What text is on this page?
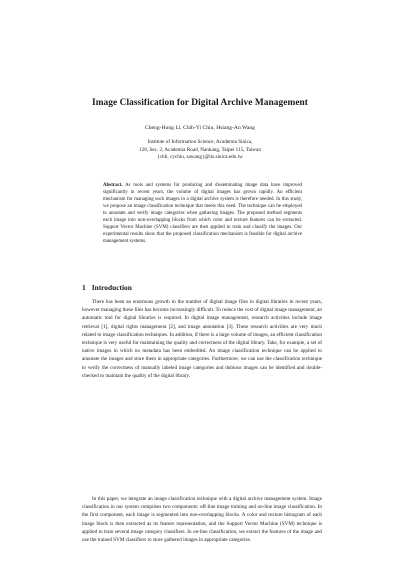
Image Classification for Digital Archive Management
Cheng-Hung Li, Chih-Yi Chiu, Hsiang-An Wang
Institute of Information Science, Academia Sinica,
128, Sec. 2, Academia Road, Nankang, Taipei 115, Taiwan
{chli, cychiu, sawang}@iis.sinica.edu.tw
Abstract. As tools and systems for producing and disseminating image data have improved significantly in recent years, the volume of digital images has grown rapidly. An efficient mechanism for managing such images in a digital archive system is therefore needed. In this study, we propose an image classification technique that meets this need. The technique can be employed to annotate and verify image categories when gathering images. The proposed method segments each image into non-overlapping blocks from which color and texture features can be extracted. Support Vector Machine (SVM) classifiers are then applied to train and classify the images. Our experimental results show that the proposed classification mechanism is feasible for digital archive management systems.
1 Introduction

There has been an enormous growth in the number of digital image files in digital libraries in recent years, however managing these files has become increasingly difficult. To reduce the cost of digital image management, an automatic tool for digital libraries is required. In digital image management, research activities include image retrieval [1], digital rights management [2], and image annotation [3]. These research activities are very much related to image classification techniques. In addition, if there is a large volume of images, an efficient classification technique is very useful for maintaining the quality and correctness of the digital library. Take, for example, a set of native images in which no metadata has been embedded. An image classification technique can be applied to annotate the images and store them in appropriate categories. Furthermore, we can use the classification technique to verify the correctness of manually labeled image categories and dubious images can be identified and double-checked to maintain the quality of the digital library.

In this paper, we integrate an image classification technique with a digital archive management system. Image classification in our system comprises two components: off-line image training and on-line image classification. In the first component, each image is segmented into non-overlapping blocks. A color and texture histogram of each image block is then extracted as its feature representation, and the Support Vector Machine (SVM) technique is applied to train several image category classifiers. In on-line classification, we extract the features of the image and use the trained SVM classifiers to store gathered images in appropriate categories.
